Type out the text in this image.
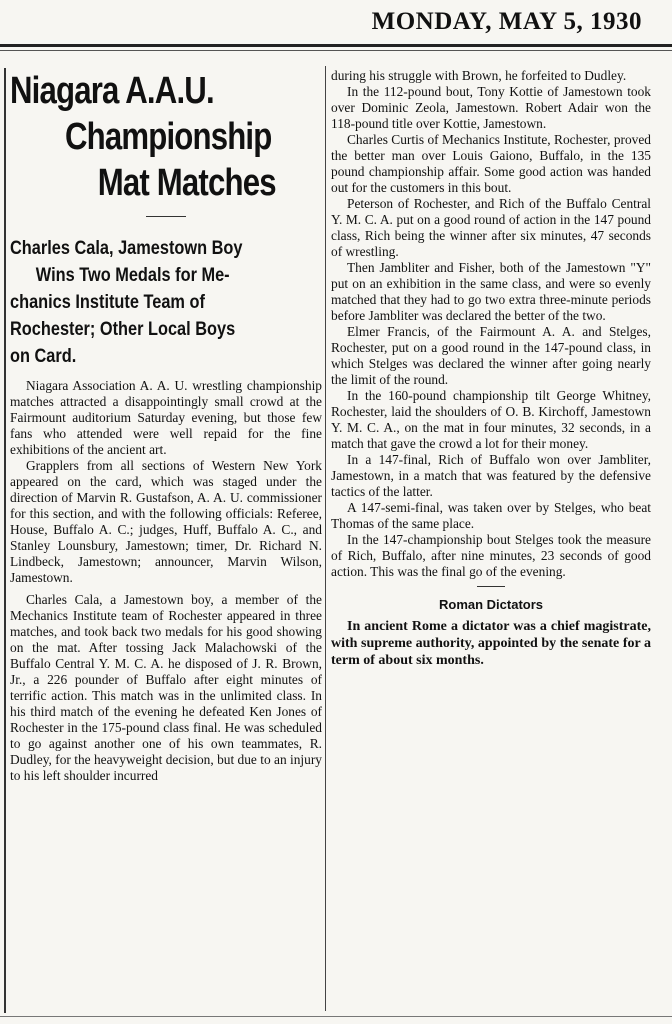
MONDAY, MAY 5, 1930
Niagara A.A.U.
Championship
Mat Matches
Charles Cala, Jamestown Boy
Wins Two Medals for Me-
chanics Institute Team of
Rochester; Other Local Boys
on Card.

Niagara Association A. A. U. wrestling championship matches attracted a disappointingly small crowd at the Fairmount auditorium Saturday evening, but those few fans who attended were well repaid for the fine exhibitions of the ancient art.

Grapplers from all sections of Western New York appeared on the card, which was staged under the direction of Marvin R. Gustafson, A. A. U. commissioner for this section, and with the following officials: Referee, House, Buffalo A. C.; judges, Huff, Buffalo A. C., and Stanley Lounsbury, Jamestown; timer, Dr. Richard N. Lindbeck, Jamestown; announcer, Marvin Wilson, Jamestown.

Charles Cala, a Jamestown boy, a member of the Mechanics Institute team of Rochester appeared in three matches, and took back two medals for his good showing on the mat. After tossing Jack Malachowski of the Buffalo Central Y. M. C. A. he disposed of J. R. Brown, Jr., a 226 pounder of Buffalo after eight minutes of terrific action. This match was in the unlimited class. In his third match of the evening he defeated Ken Jones of Rochester in the 175-pound class final. He was scheduled to go against another one of his own teammates, R. Dudley, for the heavyweight decision, but due to an injury to his left shoulder incurred

during his struggle with Brown, he forfeited to Dudley.

In the 112-pound bout, Tony Kottie of Jamestown took over Dominic Zeola, Jamestown. Robert Adair won the 118-pound title over Kottie, Jamestown.

Charles Curtis of Mechanics Institute, Rochester, proved the better man over Louis Gaiono, Buffalo, in the 135 pound championship affair. Some good action was handed out for the customers in this bout.

Peterson of Rochester, and Rich of the Buffalo Central Y. M. C. A. put on a good round of action in the 147 pound class, Rich being the winner after six minutes, 47 seconds of wrestling.

Then Jambliter and Fisher, both of the Jamestown "Y" put on an exhibition in the same class, and were so evenly matched that they had to go two extra three-minute periods before Jambliter was declared the better of the two.

Elmer Francis, of the Fairmount A. A. and Stelges, Rochester, put on a good round in the 147-pound class, in which Stelges was declared the winner after going nearly the limit of the round.

In the 160-pound championship tilt George Whitney, Rochester, laid the shoulders of O. B. Kirchoff, Jamestown Y. M. C. A., on the mat in four minutes, 32 seconds, in a match that gave the crowd a lot for their money.

In a 147-final, Rich of Buffalo won over Jambliter, Jamestown, in a match that was featured by the defensive tactics of the latter.

A 147-semi-final, was taken over by Stelges, who beat Thomas of the same place.

In the 147-championship bout Stelges took the measure of Rich, Buffalo, after nine minutes, 23 seconds of good action. This was the final go of the evening.

Roman Dictators

In ancient Rome a dictator was a chief magistrate, with supreme authority, appointed by the senate for a term of about six months.
